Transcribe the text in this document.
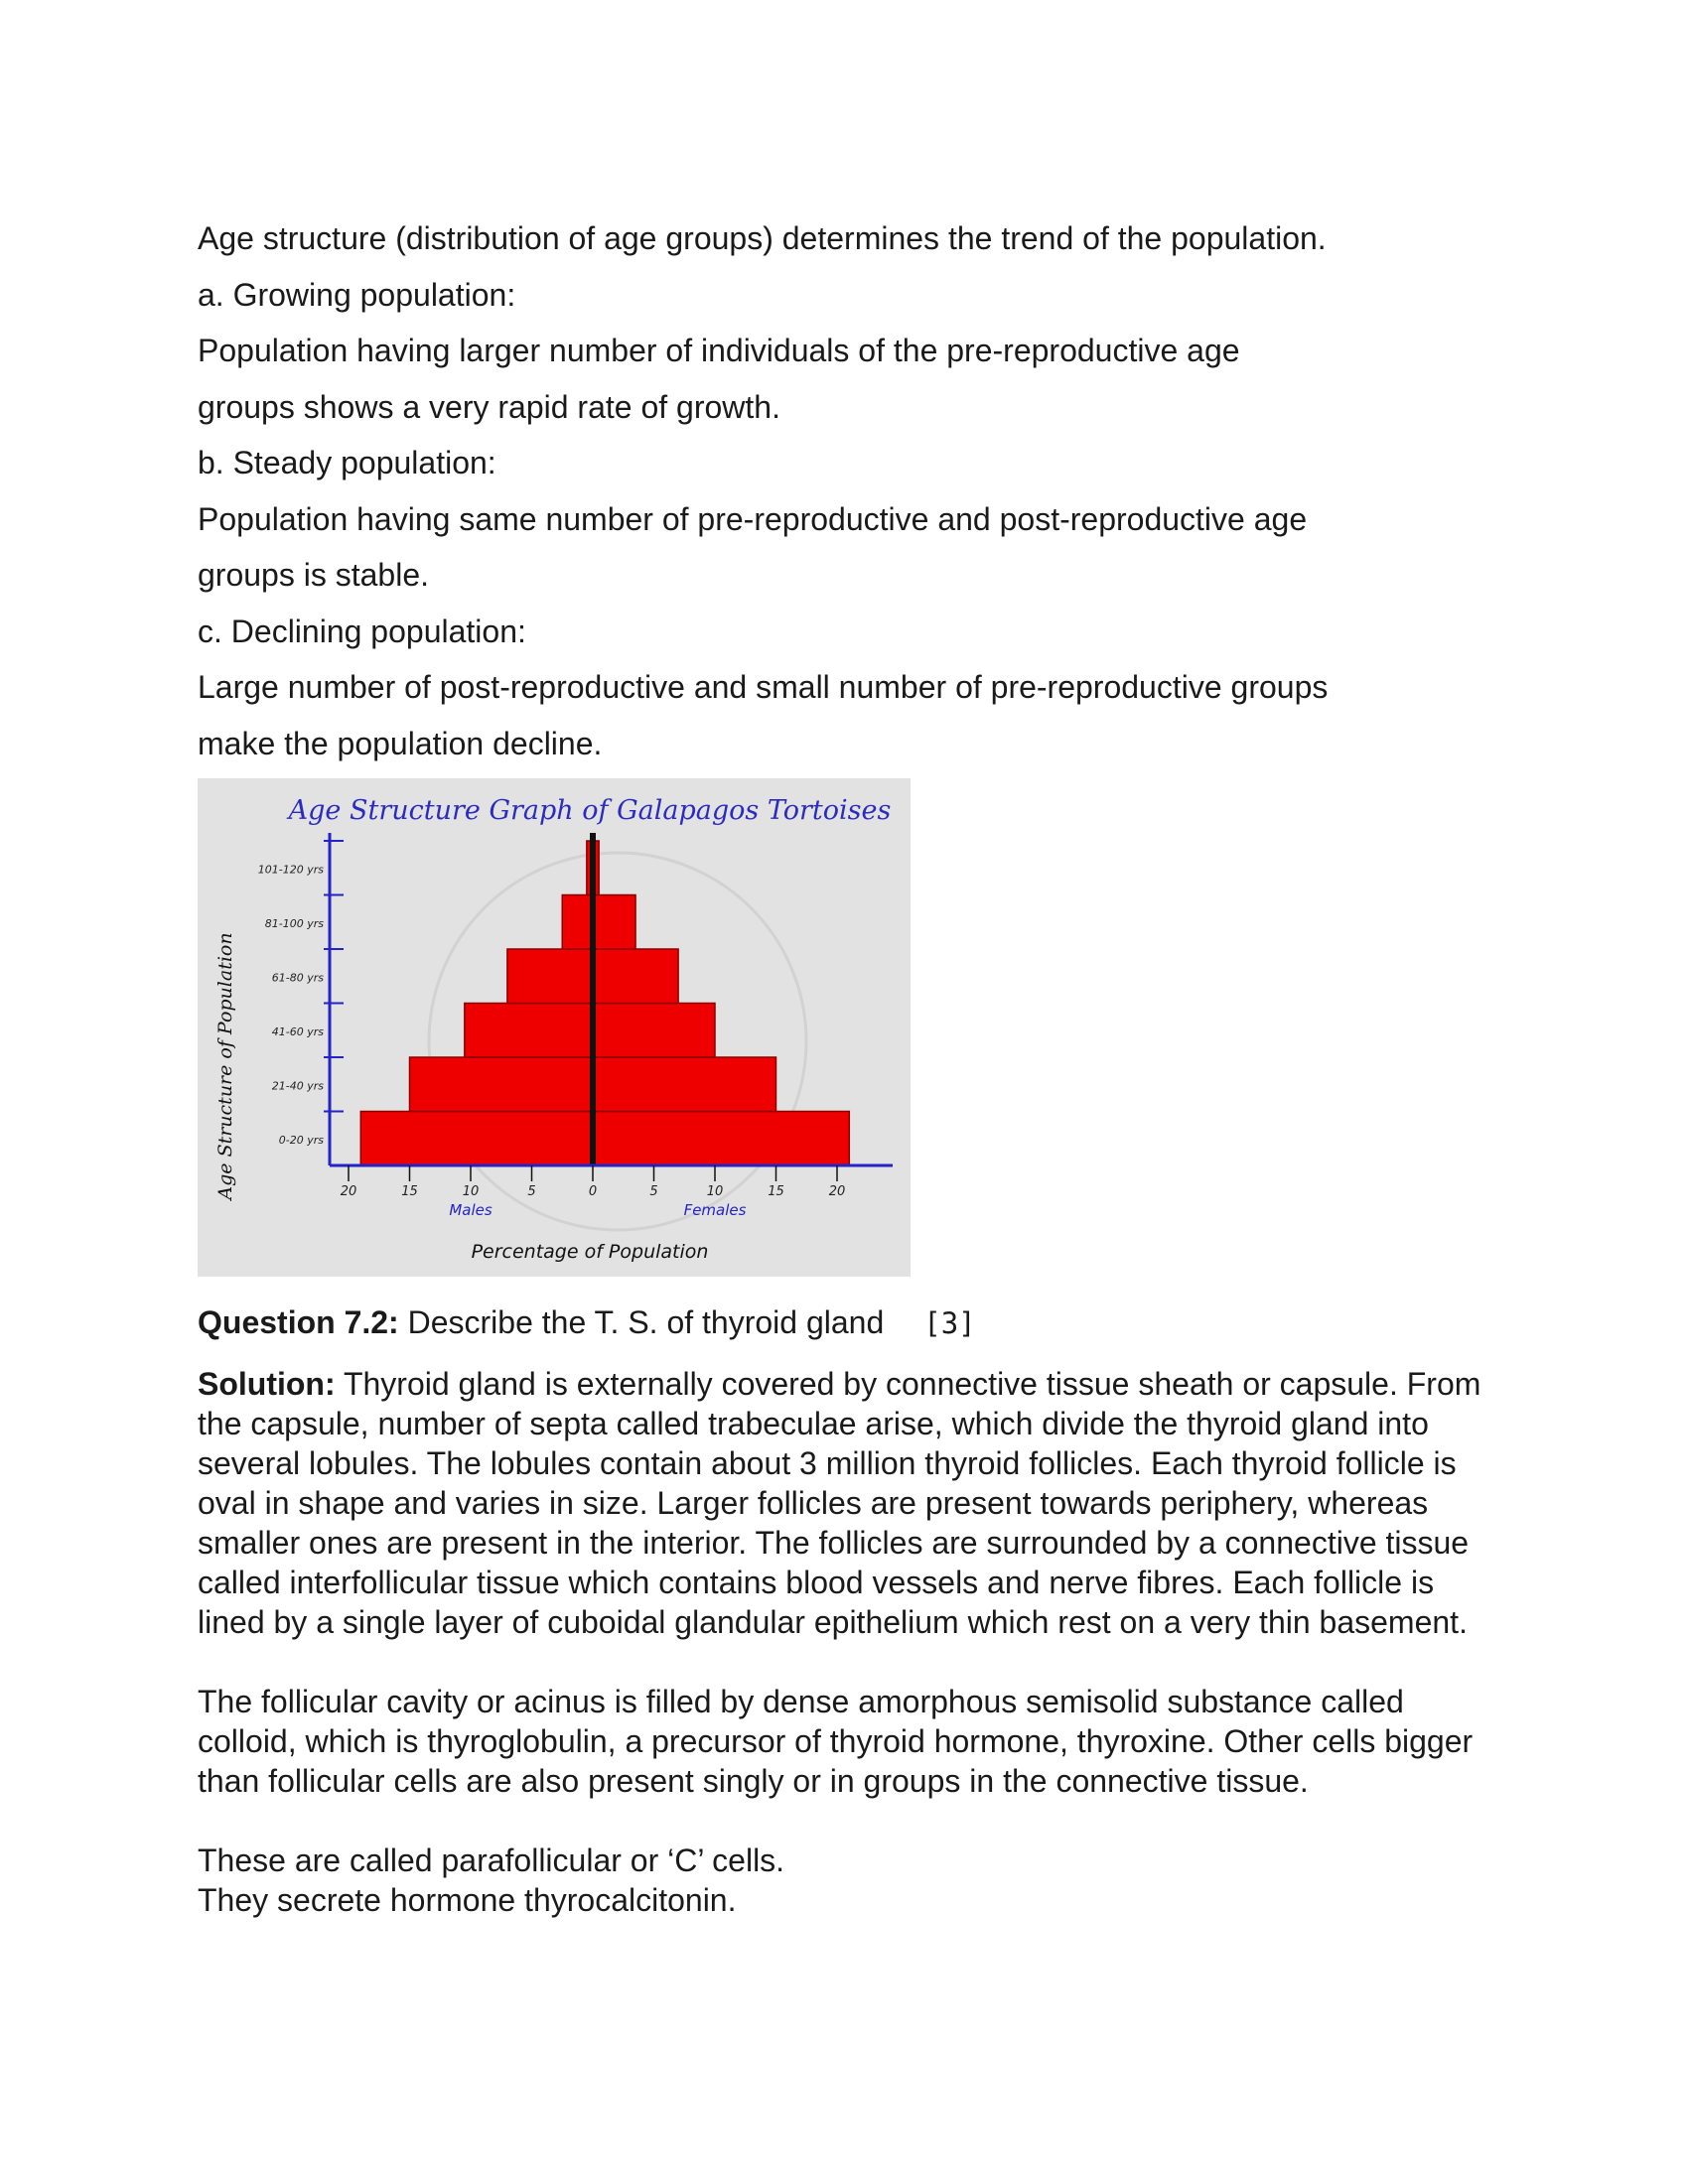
Age structure (distribution of age groups) determines the trend of the population.

a. Growing population:

Population having larger number of individuals of the pre-reproductive age

groups shows a very rapid rate of growth.

b. Steady population:

Population having same number of pre-reproductive and post-reproductive age

groups is stable.

c. Declining population:

Large number of post-reproductive and small number of pre-reproductive groups

make the population decline.

Age Structure Graph of Galapagos Tortoises
Age Structure of Population
Percentage of Population
0-20 yrs
21-40 yrs
41-60 yrs
61-80 yrs
81-100 yrs
101-120 yrs
20	15	10	5	0	5	10	15	20
Males	Females
Question 7.2: Describe the T. S. of thyroid gland [3]

Solution: Thyroid gland is externally covered by connective tissue sheath or capsule. From the capsule, number of septa called trabeculae arise, which divide the thyroid gland into several lobules. The lobules contain about 3 million thyroid follicles. Each thyroid follicle is oval in shape and varies in size. Larger follicles are present towards periphery, whereas smaller ones are present in the interior. The follicles are surrounded by a connective tissue called interfollicular tissue which contains blood vessels and nerve fibres. Each follicle is lined by a single layer of cuboidal glandular epithelium which rest on a very thin basement.

The follicular cavity or acinus is filled by dense amorphous semisolid substance called colloid, which is thyroglobulin, a precursor of thyroid hormone, thyroxine. Other cells bigger than follicular cells are also present singly or in groups in the connective tissue.

These are called parafollicular or ‘C’ cells.

They secrete hormone thyrocalcitonin.
